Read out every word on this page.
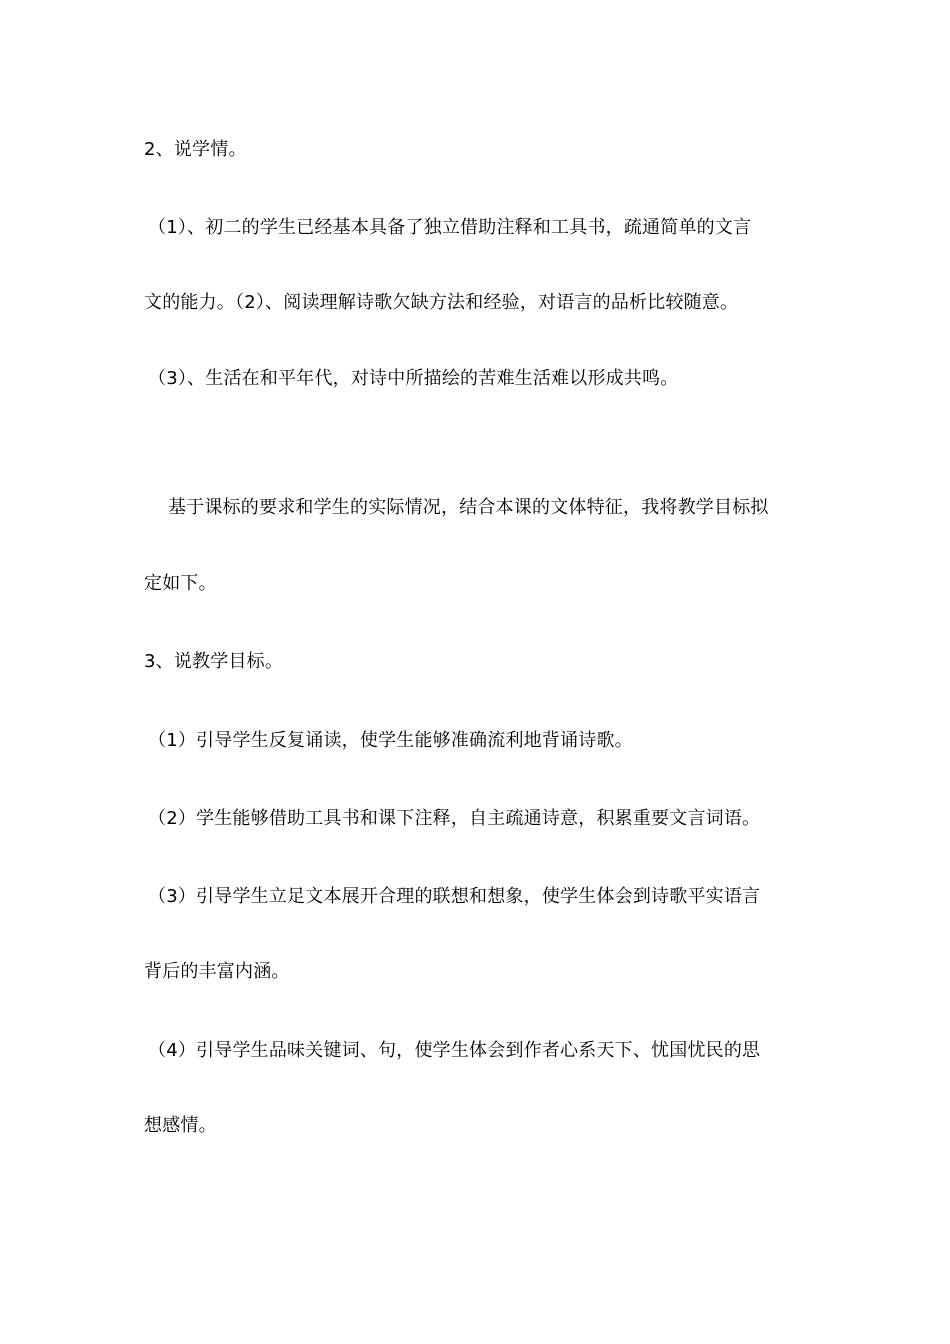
2、说学情。
（1）、初二的学生已经基本具备了独立借助注释和工具书，疏通简单的文言
文的能力。（2）、阅读理解诗歌欠缺方法和经验，对语言的品析比较随意。
（3）、生活在和平年代，对诗中所描绘的苦难生活难以形成共鸣。
基于课标的要求和学生的实际情况，结合本课的文体特征，我将教学目标拟
定如下。
3、说教学目标。
（1）引导学生反复诵读，使学生能够准确流利地背诵诗歌。
（2）学生能够借助工具书和课下注释，自主疏通诗意，积累重要文言词语。
（3）引导学生立足文本展开合理的联想和想象，使学生体会到诗歌平实语言
背后的丰富内涵。
（4）引导学生品味关键词、句，使学生体会到作者心系天下、忧国忧民的思
想感情。
